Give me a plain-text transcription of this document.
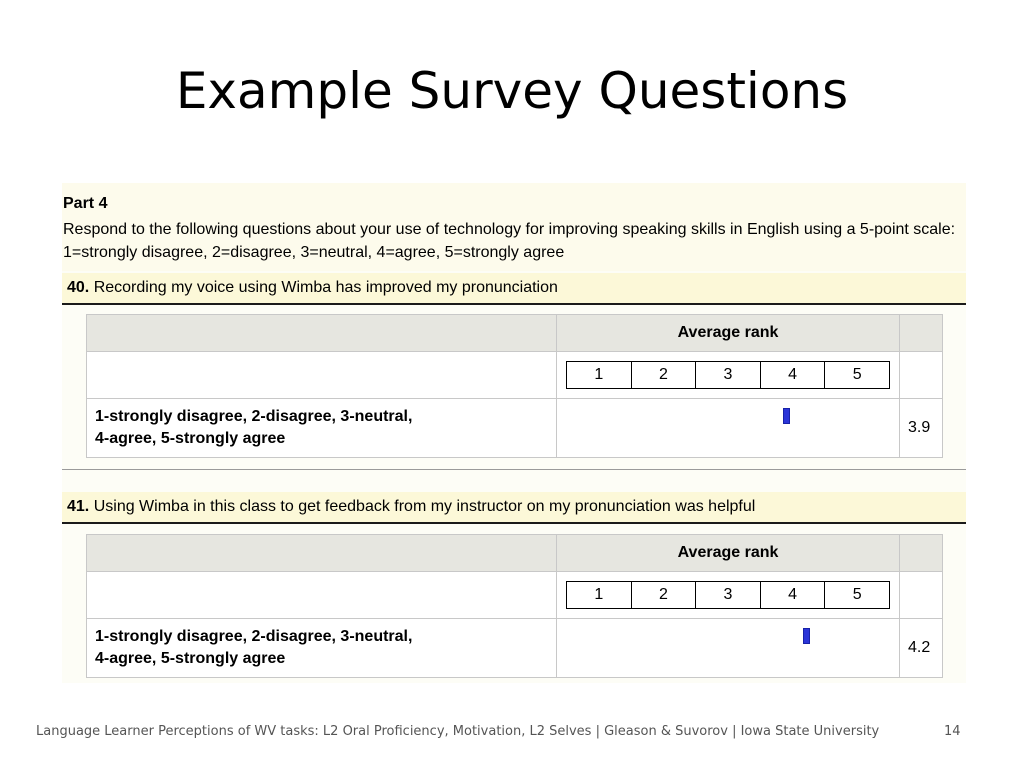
Example Survey Questions
Part 4
Respond to the following questions about your use of technology for improving speaking skills in English using a 5-point scale: 1=strongly disagree, 2=disagree, 3=neutral, 4=agree, 5=strongly agree
40. Recording my voice using Wimba has improved my pronunciation
	Average rank	

	1 2 3 4 5	

1-strongly disagree, 2-disagree, 3-neutral,
4-agree, 5-strongly agree		3.9
41. Using Wimba in this class to get feedback from my instructor on my pronunciation was helpful
	Average rank	

	1 2 3 4 5	

1-strongly disagree, 2-disagree, 3-neutral,
4-agree, 5-strongly agree		4.2
Language Learner Perceptions of WV tasks: L2 Oral Proficiency, Motivation, L2 Selves | Gleason & Suvorov | Iowa State University	14
